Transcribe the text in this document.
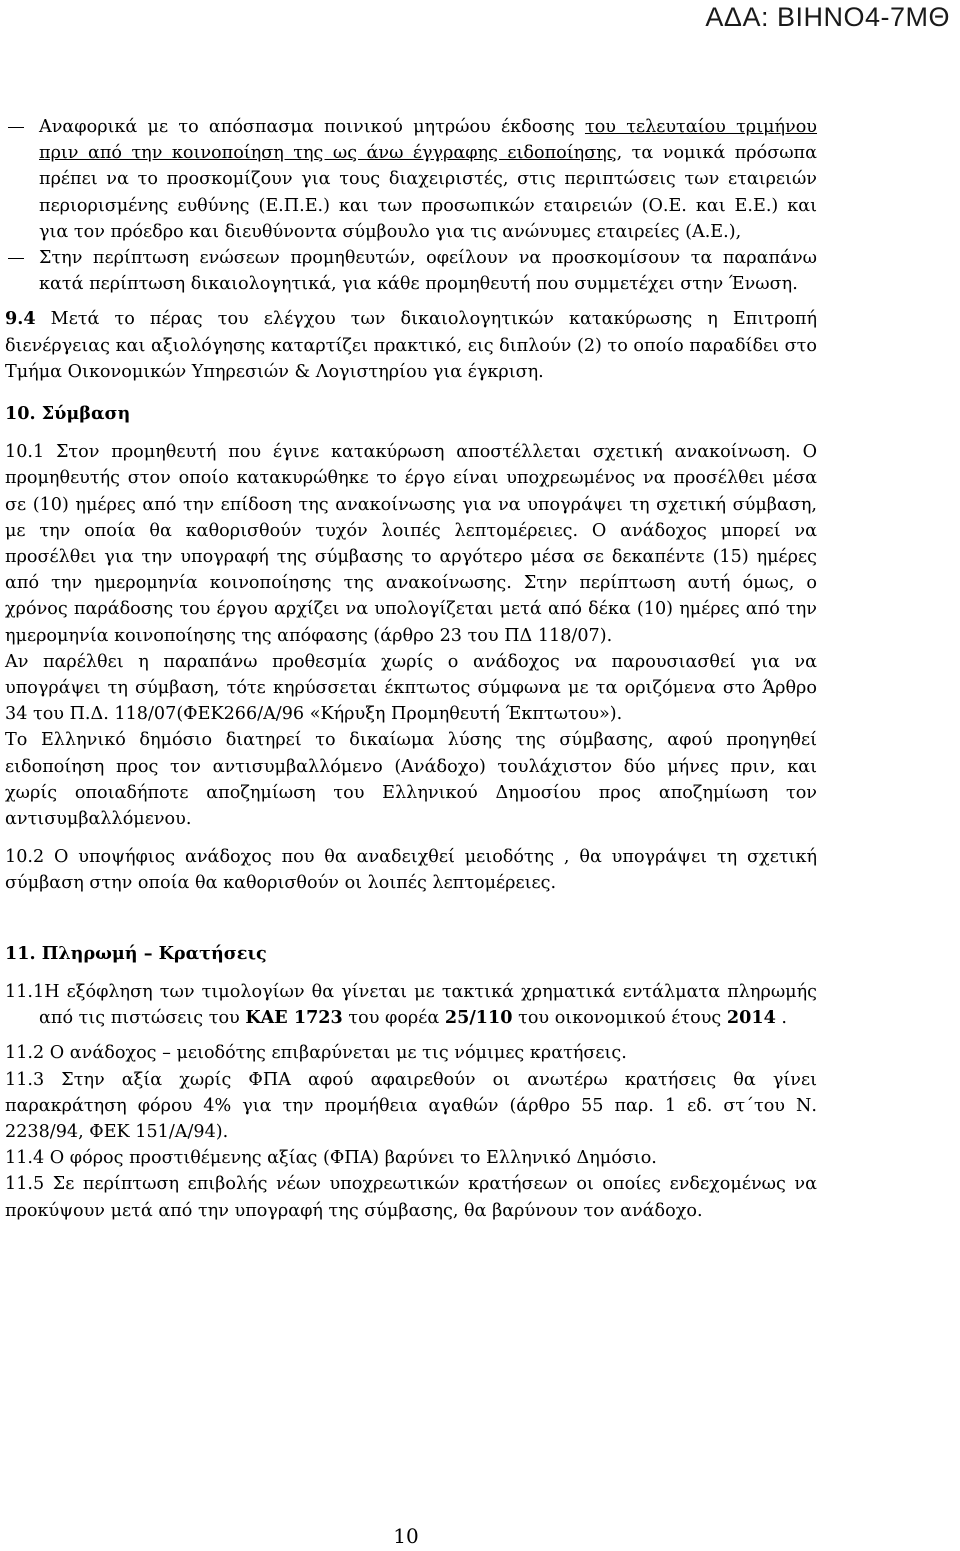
ΑΔΑ: ΒΙΗΝΟ4-7ΜΘ

Αναφορικά με το απόσπασμα ποινικού μητρώου έκδοσης του τελευταίου τριμήνου πριν από την κοινοποίηση της ως άνω έγγραφης ειδοποίησης, τα νομικά πρόσωπα πρέπει να το προσκομίζουν για τους διαχειριστές, στις περιπτώσεις των εταιρειών περιορισμένης ευθύνης (Ε.Π.Ε.) και των προσωπικών εταιρειών (Ο.Ε. και Ε.Ε.) και για τον πρόεδρο και διευθύνοντα σύμβουλο για τις ανώνυμες εταιρείες (Α.Ε.),

Στην περίπτωση ενώσεων προμηθευτών, οφείλουν να προσκομίσουν τα παραπάνω κατά περίπτωση δικαιολογητικά, για κάθε προμηθευτή που συμμετέχει στην Ένωση.

9.4 Μετά το πέρας του ελέγχου των δικαιολογητικών κατακύρωσης η Επιτροπή διενέργειας και αξιολόγησης καταρτίζει πρακτικό, εις διπλούν (2) το οποίο παραδίδει στο Τμήμα Οικονομικών Υπηρεσιών & Λογιστηρίου για έγκριση.

10. Σύμβαση

10.1 Στον προμηθευτή που έγινε κατακύρωση αποστέλλεται σχετική ανακοίνωση. Ο προμηθευτής στον οποίο κατακυρώθηκε το έργο είναι υποχρεωμένος να προσέλθει μέσα σε (10) ημέρες από την επίδοση της ανακοίνωσης για να υπογράψει τη σχετική σύμβαση, με την οποία θα καθορισθούν τυχόν λοιπές λεπτομέρειες. Ο ανάδοχος μπορεί να προσέλθει για την υπογραφή της σύμβασης το αργότερο μέσα σε δεκαπέντε (15) ημέρες από την ημερομηνία κοινοποίησης της ανακοίνωσης. Στην περίπτωση αυτή όμως, ο χρόνος παράδοσης του έργου αρχίζει να υπολογίζεται μετά από δέκα (10) ημέρες από την ημερομηνία κοινοποίησης της απόφασης (άρθρο 23 του ΠΔ 118/07).

Αν παρέλθει η παραπάνω προθεσμία χωρίς ο ανάδοχος να παρουσιασθεί για να υπογράψει τη σύμβαση, τότε κηρύσσεται έκπτωτος σύμφωνα με τα οριζόμενα στο Άρθρο 34 του Π.Δ. 118/07(ΦΕΚ266/Α/96 «Κήρυξη Προμηθευτή Έκπτωτου»).

Το Ελληνικό δημόσιο διατηρεί το δικαίωμα λύσης της σύμβασης, αφού προηγηθεί ειδοποίηση προς τον αντισυμβαλλόμενο (Ανάδοχο) τουλάχιστον δύο μήνες πριν, και χωρίς οποιαδήποτε αποζημίωση του Ελληνικού Δημοσίου προς αποζημίωση τον αντισυμβαλλόμενου.

10.2 Ο υποψήφιος ανάδοχος που θα αναδειχθεί μειοδότης , θα υπογράψει τη σχετική σύμβαση στην οποία θα καθορισθούν οι λοιπές λεπτομέρειες.

11. Πληρωμή – Κρατήσεις

11.1Η εξόφληση των τιμολογίων θα γίνεται με τακτικά χρηματικά εντάλματα πληρωμής από τις πιστώσεις του ΚΑΕ 1723 του φορέα 25/110 του οικονομικού έτους 2014 .

11.2 Ο ανάδοχος – μειοδότης επιβαρύνεται με τις νόμιμες κρατήσεις.

11.3 Στην αξία χωρίς ΦΠΑ αφού αφαιρεθούν οι ανωτέρω κρατήσεις θα γίνει παρακράτηση φόρου 4% για την προμήθεια αγαθών (άρθρο 55 παρ. 1 εδ. στ΄του Ν. 2238/94, ΦΕΚ 151/Α/94).

11.4 Ο φόρος προστιθέμενης αξίας (ΦΠΑ) βαρύνει το Ελληνικό Δημόσιο.

11.5 Σε περίπτωση επιβολής νέων υποχρεωτικών κρατήσεων οι οποίες ενδεχομένως να προκύψουν μετά από την υπογραφή της σύμβασης, θα βαρύνουν τον ανάδοχο.

10
